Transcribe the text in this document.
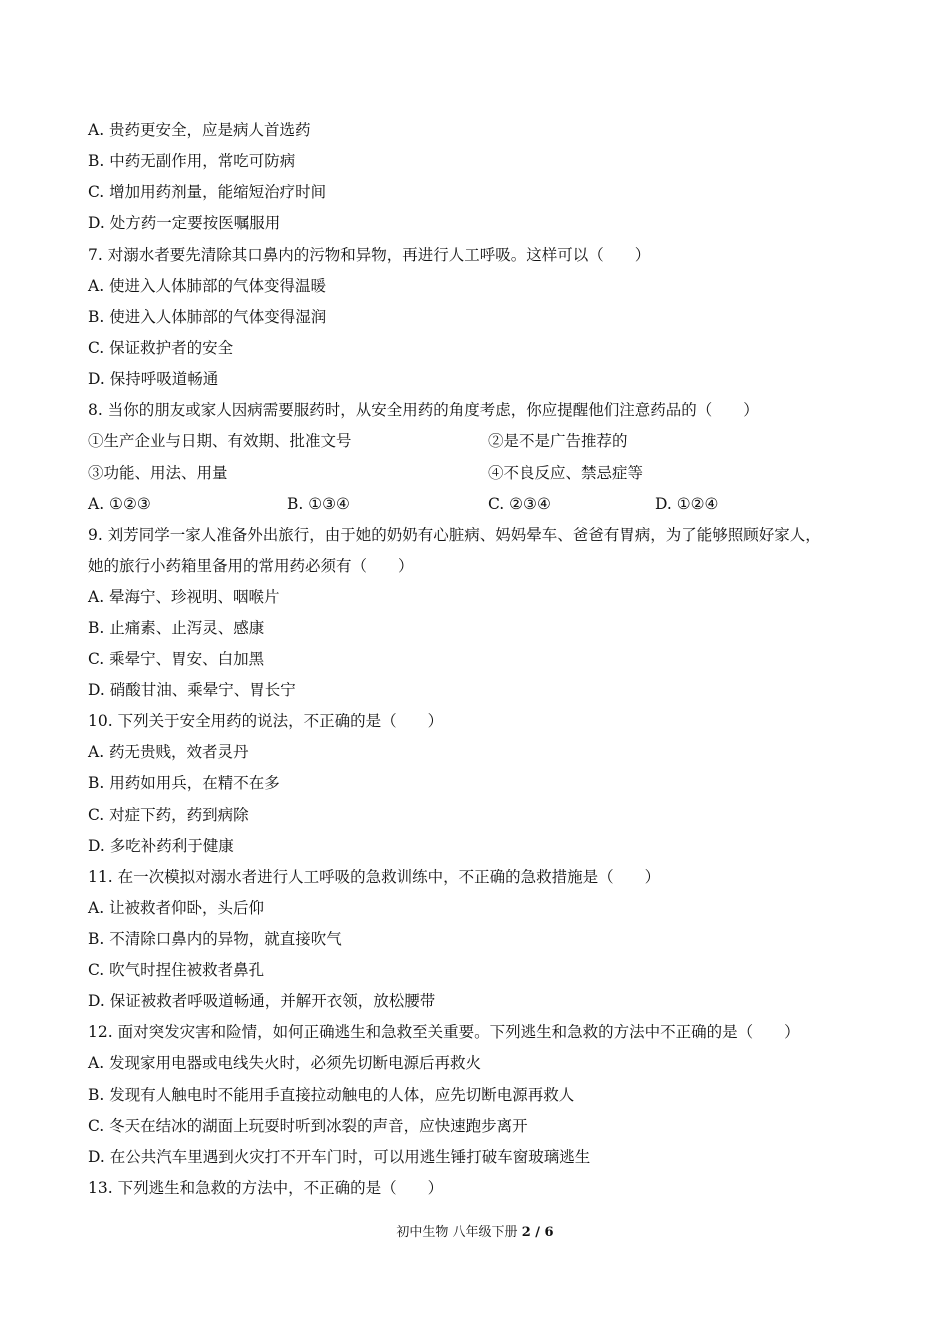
A. 贵药更安全，应是病人首选药
B. 中药无副作用，常吃可防病
C. 增加用药剂量，能缩短治疗时间
D. 处方药一定要按医嘱服用
7. 对溺水者要先清除其口鼻内的污物和异物，再进行人工呼吸。这样可以（　　）
A. 使进入人体肺部的气体变得温暖
B. 使进入人体肺部的气体变得湿润
C. 保证救护者的安全
D. 保持呼吸道畅通
8. 当你的朋友或家人因病需要服药时，从安全用药的角度考虑，你应提醒他们注意药品的（　　）
①生产企业与日期、有效期、批准文号	②是不是广告推荐的
③功能、用法、用量	④不良反应、禁忌症等
A. ①②③	B. ①③④	C. ②③④	D. ①②④
9. 刘芳同学一家人准备外出旅行，由于她的奶奶有心脏病、妈妈晕车、爸爸有胃病，为了能够照顾好家人，
她的旅行小药箱里备用的常用药必须有（　　）
A. 晕海宁、珍视明、咽喉片
B. 止痛素、止泻灵、感康
C. 乘晕宁、胃安、白加黑
D. 硝酸甘油、乘晕宁、胃长宁
10. 下列关于安全用药的说法，不正确的是（　　）
A. 药无贵贱，效者灵丹
B. 用药如用兵，在精不在多
C. 对症下药，药到病除
D. 多吃补药利于健康
11. 在一次模拟对溺水者进行人工呼吸的急救训练中，不正确的急救措施是（　　）
A. 让被救者仰卧，头后仰
B. 不清除口鼻内的异物，就直接吹气
C. 吹气时捏住被救者鼻孔
D. 保证被救者呼吸道畅通，并解开衣领，放松腰带
12. 面对突发灾害和险情，如何正确逃生和急救至关重要。下列逃生和急救的方法中不正确的是（　　）
A. 发现家用电器或电线失火时，必须先切断电源后再救火
B. 发现有人触电时不能用手直接拉动触电的人体，应先切断电源再救人
C. 冬天在结冰的湖面上玩耍时听到冰裂的声音，应快速跑步离开
D. 在公共汽车里遇到火灾打不开车门时，可以用逃生锤打破车窗玻璃逃生
13. 下列逃生和急救的方法中，不正确的是（　　）
初中生物 八年级下册 2 / 6
